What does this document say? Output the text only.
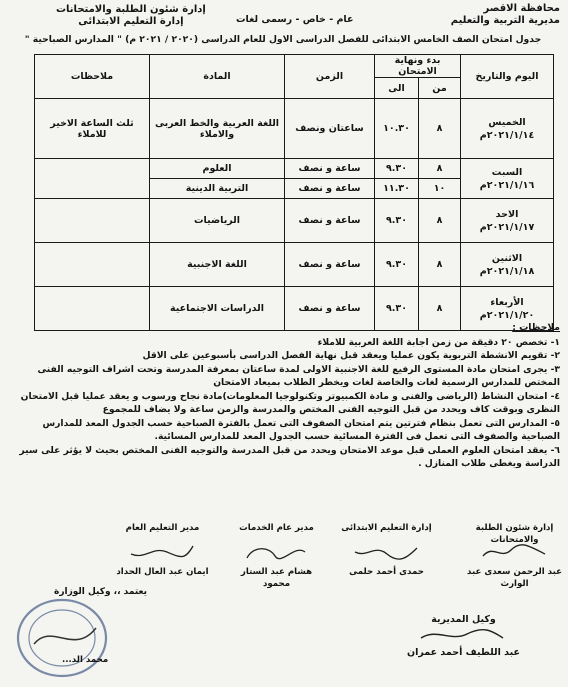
محافظة الاقصر
مديرية التربية والتعليم
عام - خاص - رسمى لغات
إدارة شئون الطلبة والامتحانات
إدارة التعليم الابتدائى
جدول امتحان الصف الخامس الابتدائى للفصل الدراسى الاول للعام الدراسى (٢٠٢٠ / ٢٠٢١ م) " المدارس الصباحية "
اليوم والتاريخ	بدء ونهاية الامتحان		الزمن	المادة	ملاحظات
	من	الى			

الخميس
٢٠٢١/١/١٤م	٨	١٠.٣٠	ساعتان ونصف	اللغة العربية والخط العربى والاملاء	ثلث الساعة الاخير للاملاء

السبت
٢٠٢١/١/١٦م	٨	٩.٣٠	ساعة و نصف	العلوم	
	١٠	١١.٣٠	ساعة و نصف	التربية الدينية	

الاحد
٢٠٢١/١/١٧م	٨	٩.٣٠	ساعة و نصف	الرياضيات	

الاثنين
٢٠٢١/١/١٨م	٨	٩.٣٠	ساعة و نصف	اللغة الاجنبية	

الأربعاء
٢٠٢١/١/٢٠م	٨	٩.٣٠	ساعة و نصف	الدراسات الاجتماعية	
ملاحظات :

١- تخصص ٢٠ دقيقة من زمن اجابة اللغة العربية للاملاء

٢- تقويم الانشطة التربوية يكون عمليا ويعقد قبل نهاية الفصل الدراسى بأسبوعين على الاقل

٣- يجرى امتحان مادة المستوى الرفيع للغة الاجنبية الاولى لمدة ساعتان بمعرفة المدرسة وتحت اشراف التوجيه الفنى المختص للمدارس الرسمية لغات والخاصة لغات ويخطر الطلاب بميعاد الامتحان

٤- امتحان النشاط (الرياضى والفنى و مادة الكمبيوتر وتكنولوجيا المعلومات)مادة نجاح ورسوب و يعقد عمليا قبل الامتحان النظرى وبوقت كاف ويحدد من قبل التوجيه الفنى المختص والمدرسة والزمن ساعة ولا يضاف للمجموع

٥- المدارس التى تعمل بنظام فترتين يتم امتحان الصفوف التى تعمل بالفترة الصباحية حسب الجدول المعد للمدارس الصباحية والصفوف التى تعمل فى الفترة المسائية حسب الجدول المعد للمدارس المسائية.

٦- يعقد امتحان العلوم العملى قبل موعد الامتحان ويحدد من قبل المدرسة والتوجيه الفنى المختص بحيث لا يؤثر على سير الدراسة ويغطى طلاب المنازل .

إدارة شئون الطلبة والامتحانات
عبد الرحمن سعدى عبد الوارث
إدارة التعليم الابتدائى
حمدى أحمد حلمى
مدير عام الخدمات
هشام عبد الستار محمود
مدير التعليم العام
ايمان عبد العال الحداد
يعتمد ،، وكيل الوزارة
محمد الد...
وكيل المديرية
عبد اللطيف أحمد عمران
